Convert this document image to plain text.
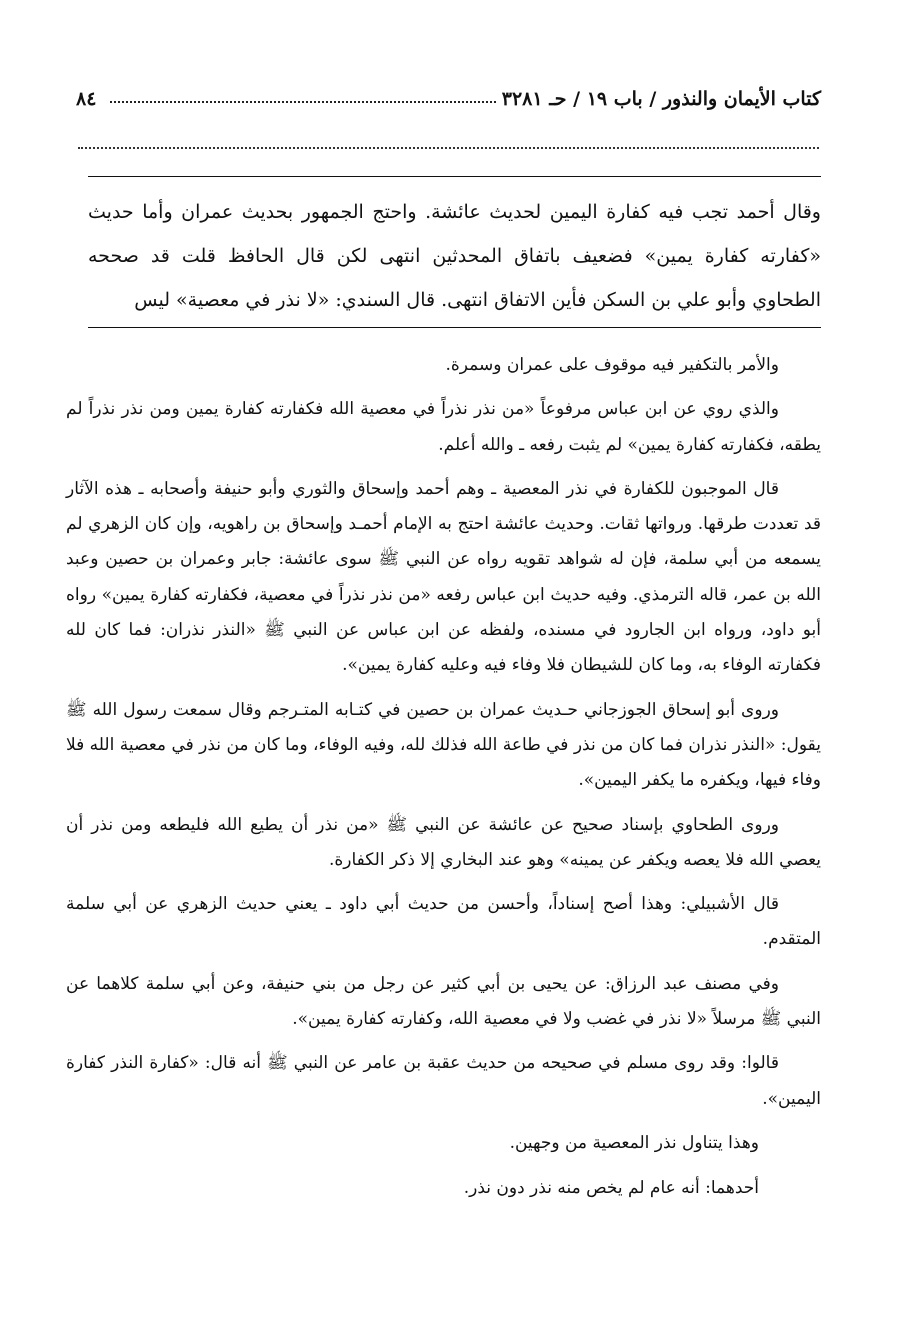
كتاب الأيمان والنذور / باب ١٩ / حـ ٣٢٨١
٨٤

وقال أحمد تجب فيه كفارة اليمين لحديث عائشة. واحتج الجمهور بحديث عمران وأما حديث «كفارته كفارة يمين» فضعيف باتفاق المحدثين انتهى لكن قال الحافظ قلت قد صححه الطحاوي وأبو علي بن السكن فأين الاتفاق انتهى. قال السندي: «لا نذر في معصية» ليس

والأمر بالتكفير فيه موقوف على عمران وسمرة.

والذي روي عن ابن عباس مرفوعاً «من نذر نذراً في معصية الله فكفارته كفارة يمين ومن نذر نذراً لم يطقه، فكفارته كفارة يمين» لم يثبت رفعه ـ والله أعلم.

قال الموجبون للكفارة في نذر المعصية ـ وهم أحمد وإسحاق والثوري وأبو حنيفة وأصحابه ـ هذه الآثار قد تعددت طرقها. ورواتها ثقات. وحديث عائشة احتج به الإمام أحمـد وإسحاق بن راهويه، وإن كان الزهري لم يسمعه من أبي سلمة، فإن له شواهد تقويه رواه عن النبي ﷺ سوى عائشة: جابر وعمران بن حصين وعبد الله بن عمر، قاله الترمذي. وفيه حديث ابن عباس رفعه «من نذر نذراً في معصية، فكفارته كفارة يمين» رواه أبو داود، ورواه ابن الجارود في مسنده، ولفظه عن ابن عباس عن النبي ﷺ «النذر نذران: فما كان لله فكفارته الوفاء به، وما كان للشيطان فلا وفاء فيه وعليه كفارة يمين».

وروى أبو إسحاق الجوزجاني حـديث عمران بن حصين في كتـابه المتـرجم وقال سمعت رسول الله ﷺ يقول: «النذر نذران فما كان من نذر في طاعة الله فذلك لله، وفيه الوفاء، وما كان من نذر في معصية الله فلا وفاء فيها، ويكفره ما يكفر اليمين».

وروى الطحاوي بإسناد صحيح عن عائشة عن النبي ﷺ «من نذر أن يطيع الله فليطعه ومن نذر أن يعصي الله فلا يعصه ويكفر عن يمينه» وهو عند البخاري إلا ذكر الكفارة.

قال الأشبيلي: وهذا أصح إسناداً، وأحسن من حديث أبي داود ـ يعني حديث الزهري عن أبي سلمة المتقدم.

وفي مصنف عبد الرزاق: عن يحيى بن أبي كثير عن رجل من بني حنيفة، وعن أبي سلمة كلاهما عن النبي ﷺ مرسلاً «لا نذر في غضب ولا في معصية الله، وكفارته كفارة يمين».

قالوا: وقد روى مسلم في صحيحه من حديث عقبة بن عامر عن النبي ﷺ أنه قال: «كفارة النذر كفارة اليمين».

وهذا يتناول نذر المعصية من وجهين.

أحدهما: أنه عام لم يخص منه نذر دون نذر.
